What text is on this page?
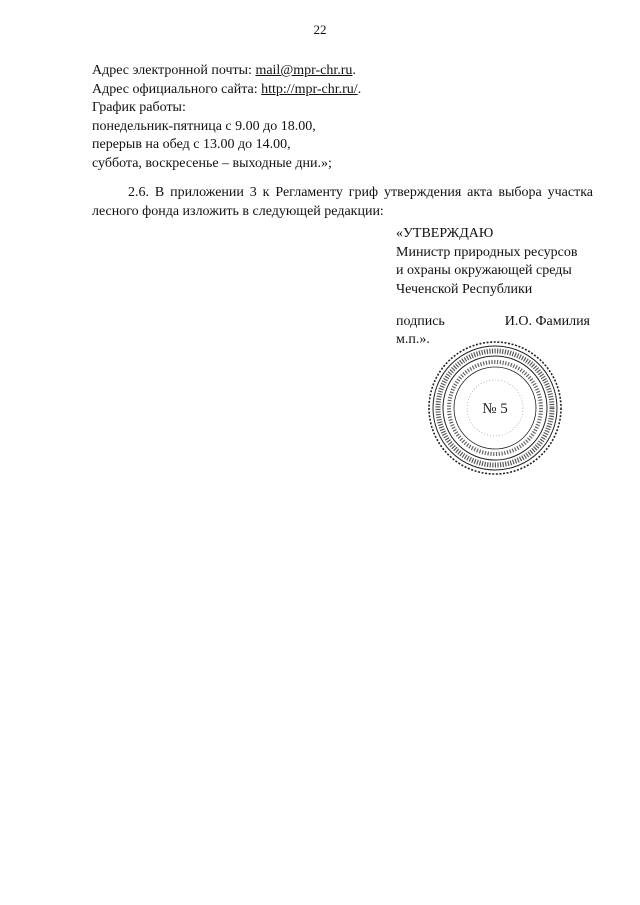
22
Адрес электронной почты: mail@mpr-chr.ru.
Адрес официального сайта: http://mpr-chr.ru/.
График работы:
понедельник-пятница с 9.00 до 18.00,
перерыв на обед с 13.00 до 14.00,
суббота, воскресенье – выходные дни.»;
2.6. В приложении 3 к Регламенту гриф утверждения акта выбора участка лесного фонда изложить в следующей редакции:
«УТВЕРЖДАЮ
Министр природных ресурсов
и охраны окружающей среды
Чеченской Республики
подпись	И.О. Фамилия
м.п.».
№ 5
